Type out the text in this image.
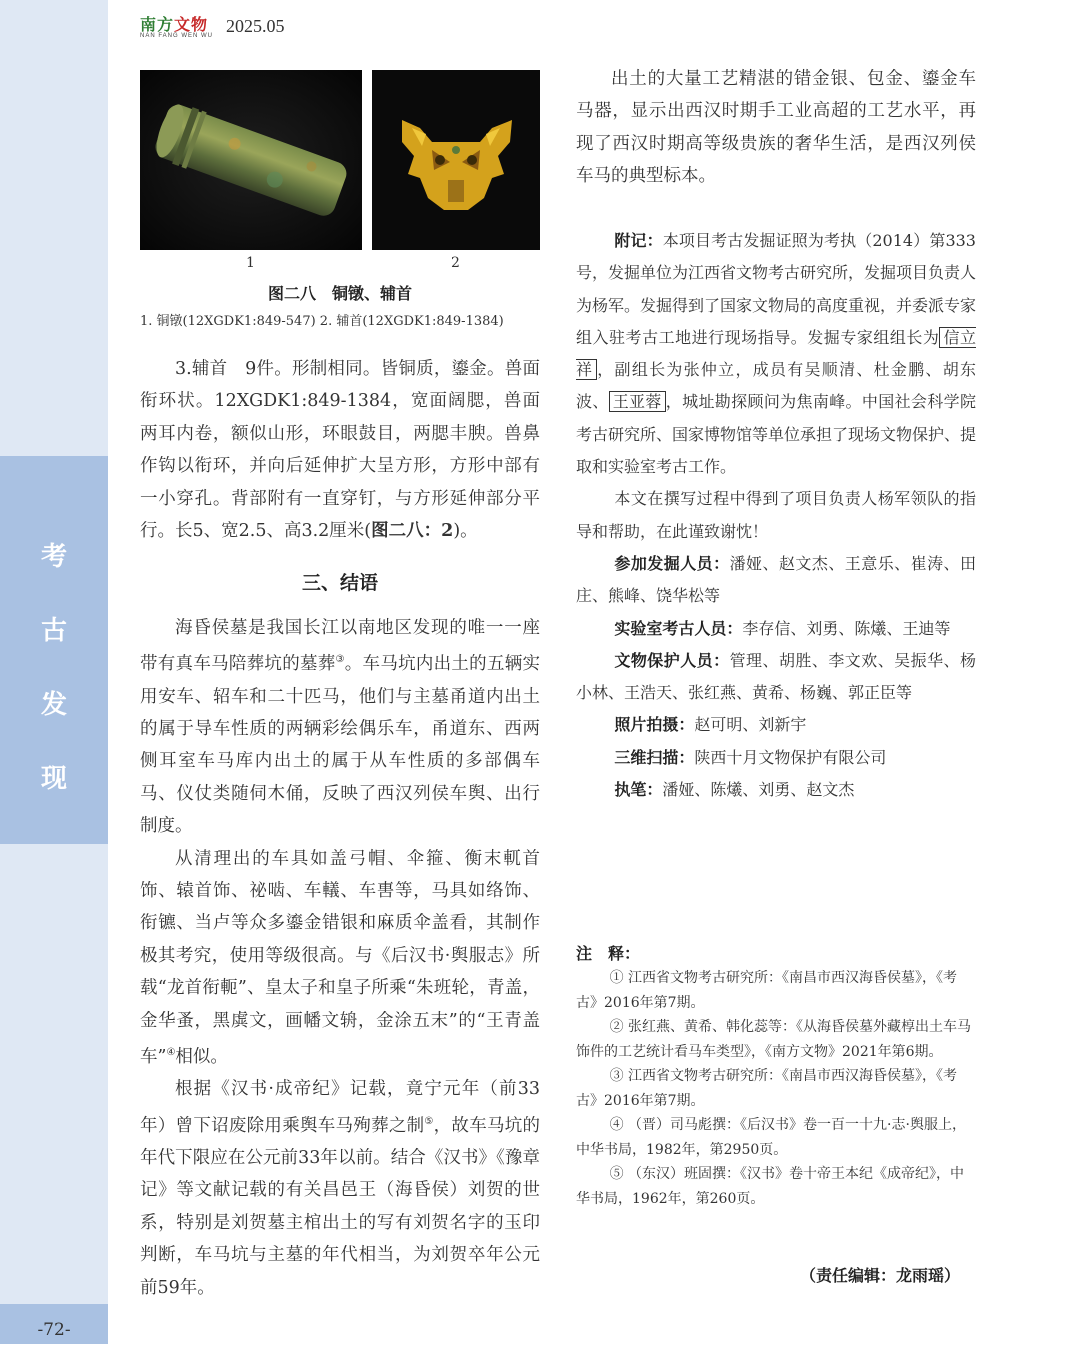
考
古
发
现
-72-
南方文物
NAN FANG WEN WU 2025.05
1	2
图二八　铜镦、辅首
1. 铜镦(12XGDK1:849-547) 2. 辅首(12XGDK1:849-1384)

3.辅首　9件。形制相同。皆铜质，鎏金。兽面衔环状。12XGDK1:849-1384，宽面阔腮，兽面两耳内卷，额似山形，环眼鼓目，两腮丰腴。兽鼻作钩以衔环，并向后延伸扩大呈方形，方形中部有一小穿孔。背部附有一直穿钉，与方形延伸部分平行。长5、宽2.5、高3.2厘米(图二八：2)。

三、结语

海昏侯墓是我国长江以南地区发现的唯一一座带有真车马陪葬坑的墓葬③。车马坑内出土的五辆实用安车、轺车和二十匹马，他们与主墓甬道内出土的属于导车性质的两辆彩绘偶乐车，甬道东、西两侧耳室车马库内出土的属于从车性质的多部偶车马、仪仗类随伺木俑，反映了西汉列侯车舆、出行制度。

从清理出的车具如盖弓帽、伞箍、衡末軏首饰、辕首饰、祕啮、车轙、车軎等，马具如络饰、衔镳、当卢等众多鎏金错银和麻质伞盖看，其制作极其考究，使用等级很高。与《后汉书·舆服志》所载“龙首衔軛”、皇太子和皇子所乘“朱班轮，青盖，金华蚤，黑虡文，画幡文辀，金涂五末”的“王青盖车”④相似。

根据《汉书·成帝纪》记载，竟宁元年（前33年）曾下诏废除用乘舆车马殉葬之制⑤，故车马坑的年代下限应在公元前33年以前。结合《汉书》《豫章记》等文献记载的有关昌邑王（海昏侯）刘贺的世系，特别是刘贺墓主棺出土的写有刘贺名字的玉印判断，车马坑与主墓的年代相当，为刘贺卒年公元前59年。

出土的大量工艺精湛的错金银、包金、鎏金车马器，显示出西汉时期手工业高超的工艺水平，再现了西汉时期高等级贵族的奢华生活，是西汉列侯车马的典型标本。

附记：本项目考古发掘证照为考执（2014）第333号，发掘单位为江西省文物考古研究所，发掘项目负责人为杨军。发掘得到了国家文物局的高度重视，并委派专家组入驻考古工地进行现场指导。发掘专家组组长为 信立祥 ，副组长为张仲立，成员有吴顺清、杜金鹏、胡东波、 王亚蓉 ，城址勘探顾问为焦南峰。中国社会科学院考古研究所、国家博物馆等单位承担了现场文物保护、提取和实验室考古工作。

本文在撰写过程中得到了项目负责人杨军领队的指导和帮助，在此谨致谢忱！

参加发掘人员：潘娅、赵文杰、王意乐、崔涛、田庄、熊峰、饶华松等

实验室考古人员：李存信、刘勇、陈爔、王迪等

文物保护人员：管理、胡胜、李文欢、吴振华、杨小林、王浩天、张红燕、黄希、杨巍、郭正臣等

照片拍摄：赵可明、刘新宇

三维扫描：陕西十月文物保护有限公司

执笔：潘娅、陈爔、刘勇、赵文杰

注　释：

① 江西省文物考古研究所：《南昌市西汉海昏侯墓》，《考古》2016年第7期。

② 张红燕、黄希、韩化蕊等：《从海昏侯墓外藏椁出土车马饰件的工艺统计看马车类型》，《南方文物》2021年第6期。

③ 江西省文物考古研究所：《南昌市西汉海昏侯墓》，《考古》2016年第7期。

④ （晋）司马彪撰：《后汉书》卷一百一十九·志·舆服上，中华书局，1982年，第2950页。

⑤ （东汉）班固撰：《汉书》卷十帝王本纪《成帝纪》，中华书局，1962年，第260页。

（责任编辑：龙雨瑶）
